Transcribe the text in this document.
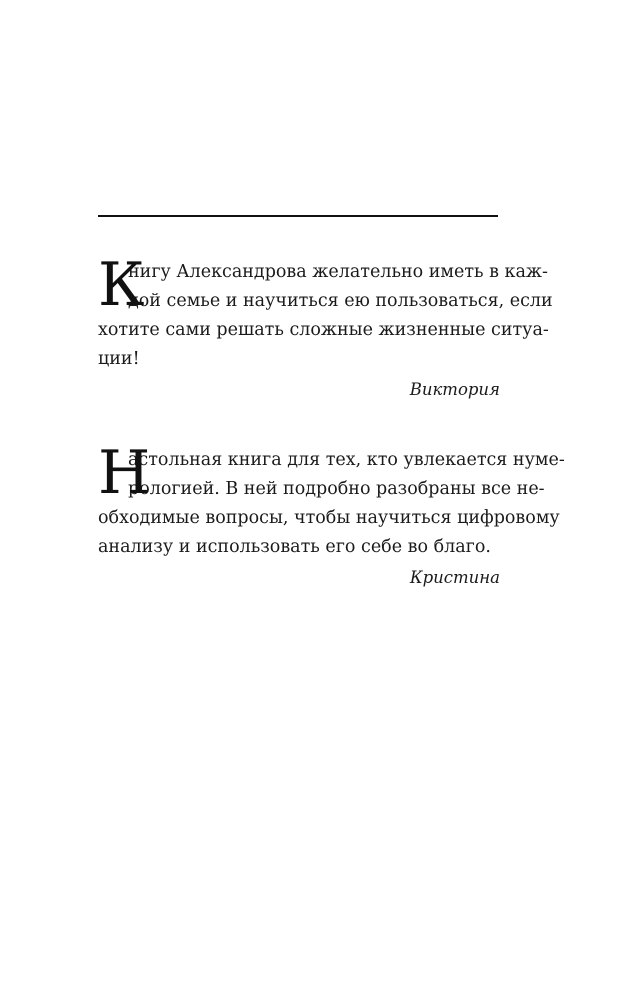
К
нигу Александрова желательно иметь в каж-
дой семье и научиться ею пользоваться, если
хотите сами решать сложные жизненные ситуа-
ции!
Виктория
Н
астольная книга для тех, кто увлекается нуме-
рологией. В ней подробно разобраны все не-
обходимые вопросы, чтобы научиться цифровому
анализу и использовать его себе во благо.
Кристина
